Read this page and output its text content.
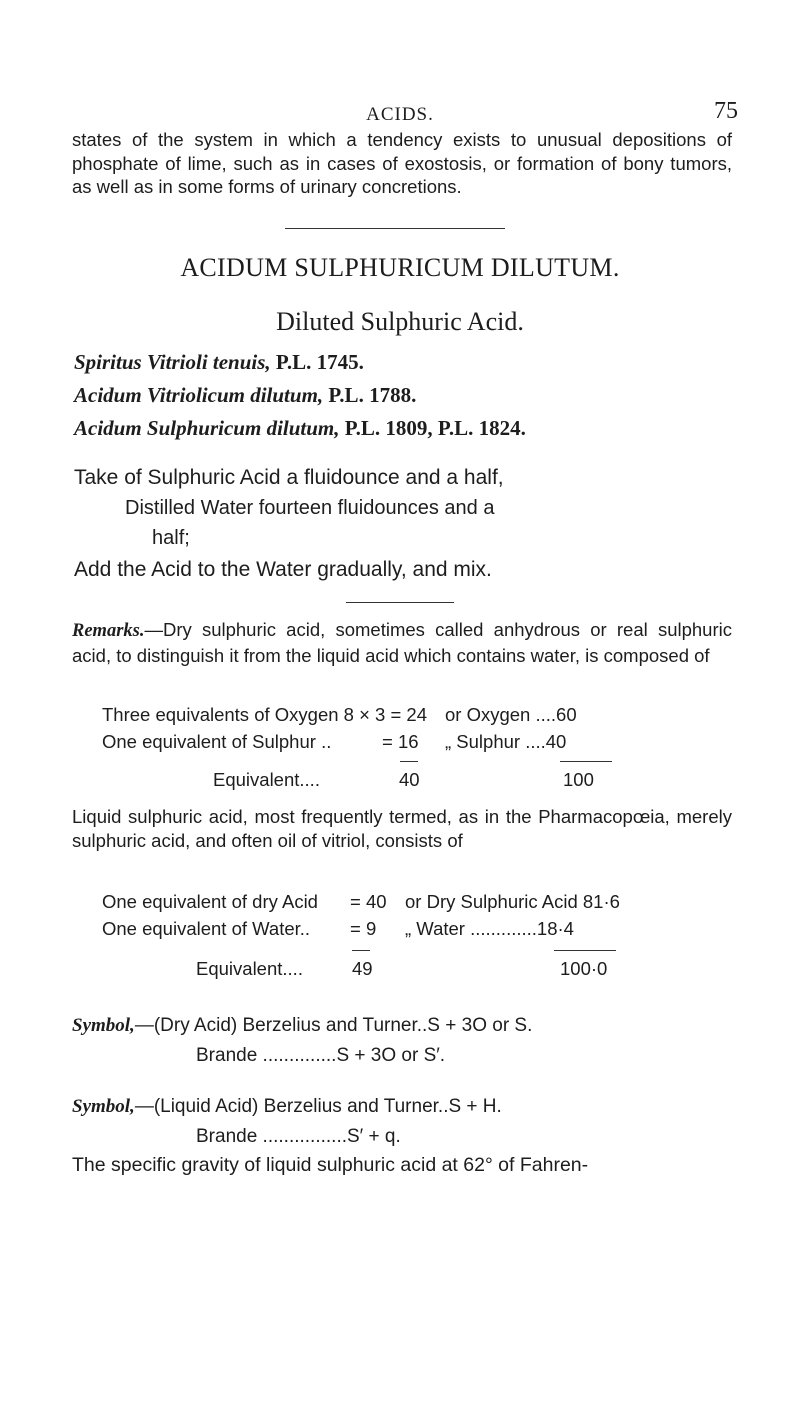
ACIDS.	75
states of the system in which a tendency exists to unusual depositions of phosphate of lime, such as in cases of exostosis, or formation of bony tumors, as well as in some forms of urinary concretions.
ACIDUM SULPHURICUM DILUTUM.
Diluted Sulphuric Acid.
Spiritus Vitrioli tenuis, P.L. 1745.
Acidum Vitriolicum dilutum, P.L. 1788.
Acidum Sulphuricum dilutum, P.L. 1809, P.L. 1824.
Take of Sulphuric Acid a fluidounce and a half,
Distilled Water fourteen fluidounces and a
half;
Add the Acid to the Water gradually, and mix.
Remarks.—Dry sulphuric acid, sometimes called anhydrous or real sulphuric acid, to distinguish it from the liquid acid which contains water, is composed of
Three equivalents of Oxygen 8 × 3 = 24 or Oxygen ....60
One equivalent of Sulphur ..	= 16 „ Sulphur ....40
Equivalent....	40	100
Liquid sulphuric acid, most frequently termed, as in the Pharmacopœia, merely sulphuric acid, and often oil of vitriol, consists of
One equivalent of dry Acid = 40 or Dry Sulphuric Acid 81·6
One equivalent of Water.. = 9 „ Water .............18·4
Equivalent....	49	100·0
Symbol,—(Dry Acid) Berzelius and Turner..S + 3O or S.
Brande ..............S + 3O or S′.
Symbol,—(Liquid Acid) Berzelius and Turner..S + H.
Brande ................S′ + q.
The specific gravity of liquid sulphuric acid at 62° of Fahren-
